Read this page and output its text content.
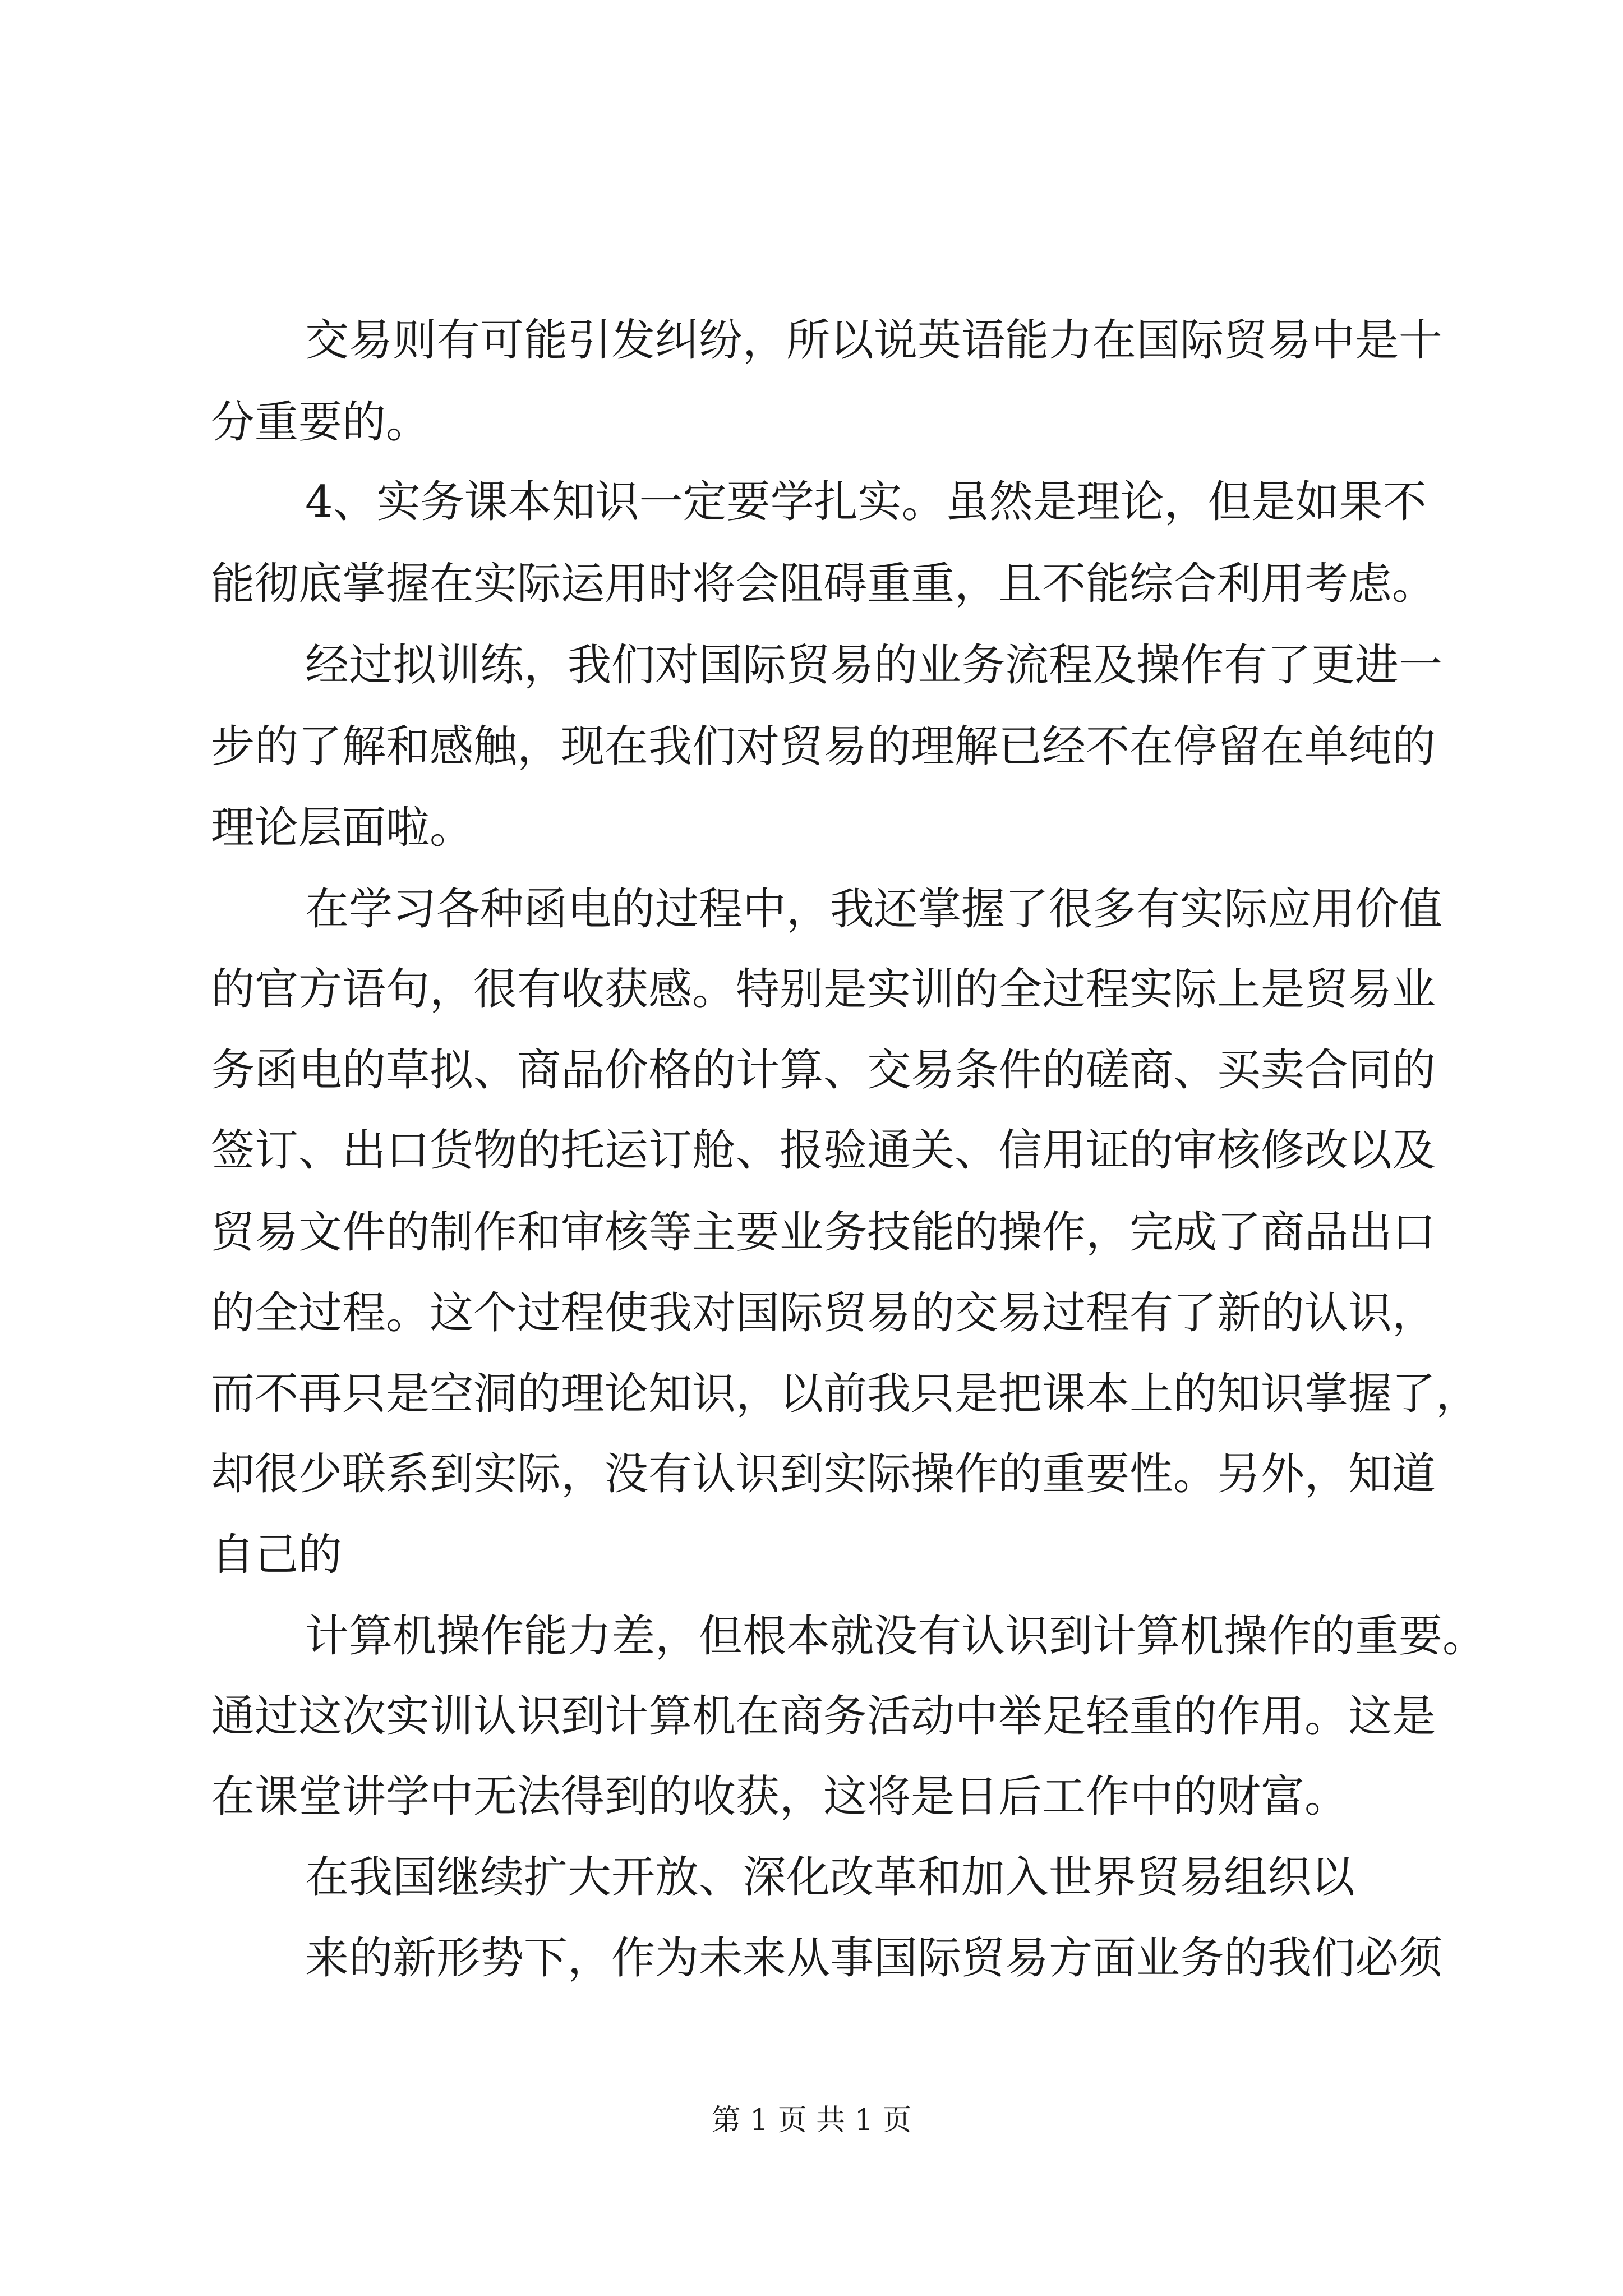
交易则有可能引发纠纷，所以说英语能力在国际贸易中是十

分重要的。

4、实务课本知识一定要学扎实。虽然是理论，但是如果不

能彻底掌握在实际运用时将会阻碍重重，且不能综合利用考虑。

经过拟训练，我们对国际贸易的业务流程及操作有了更进一

步的了解和感触，现在我们对贸易的理解已经不在停留在单纯的

理论层面啦。

在学习各种函电的过程中，我还掌握了很多有实际应用价值

的官方语句，很有收获感。特别是实训的全过程实际上是贸易业

务函电的草拟、商品价格的计算、交易条件的磋商、买卖合同的

签订、出口货物的托运订舱、报验通关、信用证的审核修改以及

贸易文件的制作和审核等主要业务技能的操作，完成了商品出口

的全过程。这个过程使我对国际贸易的交易过程有了新的认识，

而不再只是空洞的理论知识，以前我只是把课本上的知识掌握了，

却很少联系到实际，没有认识到实际操作的重要性。另外，知道

自己的

计算机操作能力差，但根本就没有认识到计算机操作的重要。

通过这次实训认识到计算机在商务活动中举足轻重的作用。这是

在课堂讲学中无法得到的收获，这将是日后工作中的财富。

在我国继续扩大开放、深化改革和加入世界贸易组织以

来的新形势下，作为未来从事国际贸易方面业务的我们必须

第 1 页 共 1 页
